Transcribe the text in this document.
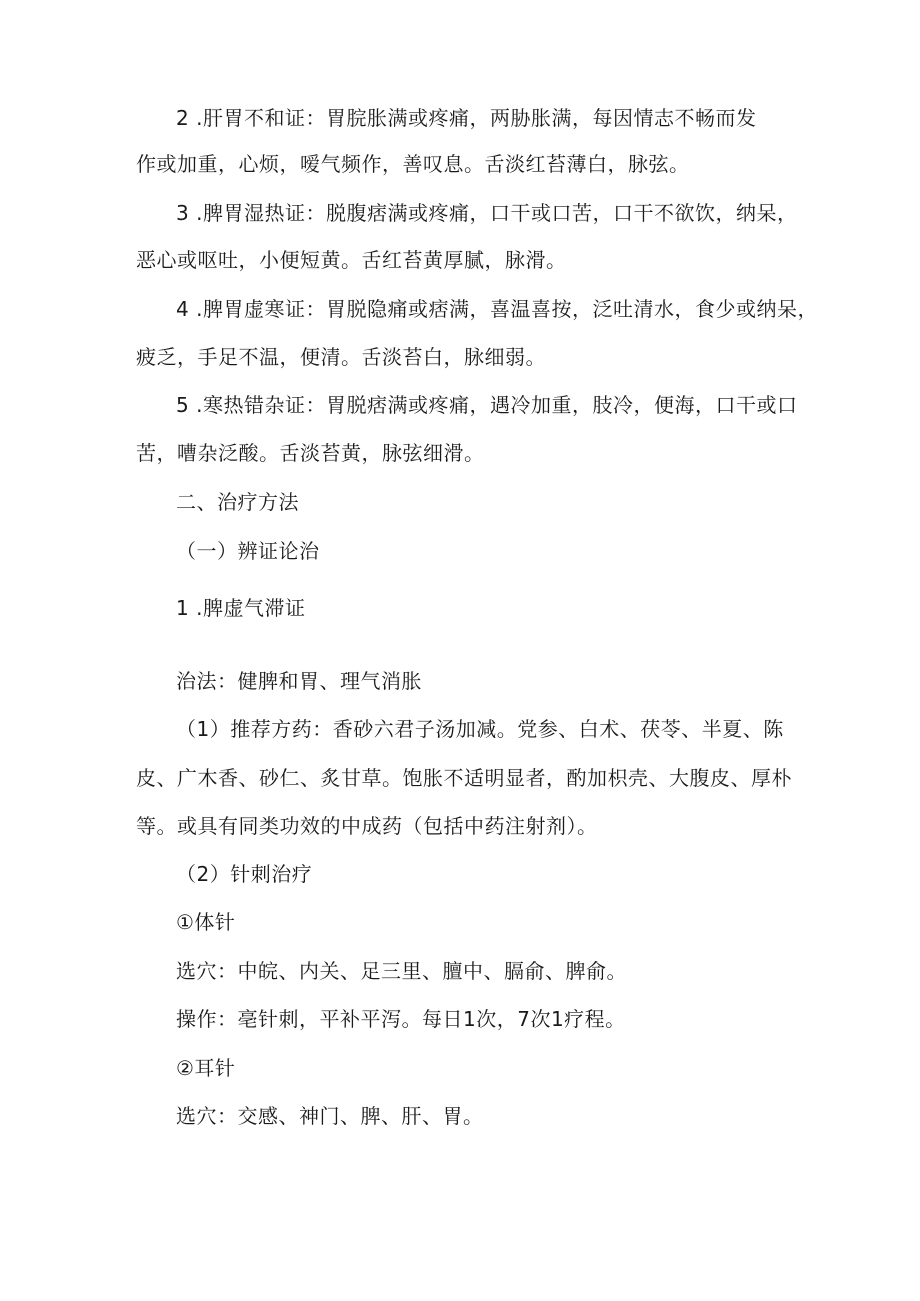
2 .肝胃不和证：胃脘胀满或疼痛，两胁胀满，每因情志不畅而发
作或加重，心烦，嗳气频作，善叹息。舌淡红苔薄白，脉弦。
3 .脾胃湿热证：脱腹痞满或疼痛，口干或口苦，口干不欲饮，纳呆，
恶心或呕吐，小便短黄。舌红苔黄厚腻，脉滑。
4 .脾胃虚寒证：胃脱隐痛或痞满，喜温喜按，泛吐清水，食少或纳呆，
疲乏，手足不温，便清。舌淡苔白，脉细弱。
5 .寒热错杂证：胃脱痞满或疼痛，遇冷加重，肢冷，便海，口干或口
苦，嘈杂泛酸。舌淡苔黄，脉弦细滑。
二、治疗方法
（一）辨证论治
1 .脾虚气滞证
治法：健脾和胃、理气消胀
（1）推荐方药：香砂六君子汤加减。党参、白术、茯苓、半夏、陈
皮、广木香、砂仁、炙甘草。饱胀不适明显者，酌加枳壳、大腹皮、厚朴
等。或具有同类功效的中成药（包括中药注射剂）。
（2）针刺治疗
①体针
选穴：中皖、内关、足三里、膻中、膈俞、脾俞。
操作：亳针刺，平补平泻。每日1次，7次1疗程。
②耳针
选穴：交感、神门、脾、肝、胃。
